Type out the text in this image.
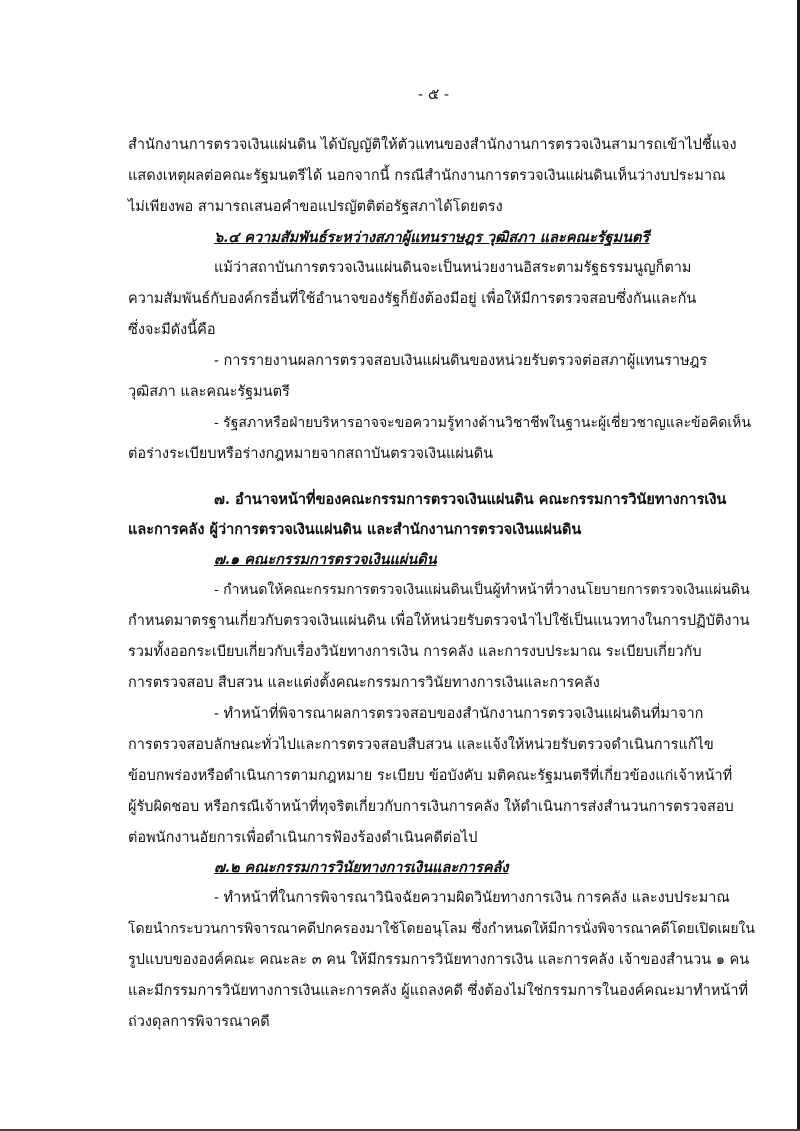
- ๕ -
สำนักงานการตรวจเงินแผ่นดิน ได้บัญญัติให้ตัวแทนของสำนักงานการตรวจเงินสามารถเข้าไปชี้แจง
แสดงเหตุผลต่อคณะรัฐมนตรีได้ นอกจากนี้ กรณีสำนักงานการตรวจเงินแผ่นดินเห็นว่างบประมาณ
ไม่เพียงพอ สามารถเสนอคำขอแปรญัตติต่อรัฐสภาได้โดยตรง
๖.๔ ความสัมพันธ์ระหว่างสภาผู้แทนราษฎร วุฒิสภา และคณะรัฐมนตรี
แม้ว่าสถาบันการตรวจเงินแผ่นดินจะเป็นหน่วยงานอิสระตามรัฐธรรมนูญก็ตาม
ความสัมพันธ์กับองค์กรอื่นที่ใช้อำนาจของรัฐก็ยังต้องมีอยู่ เพื่อให้มีการตรวจสอบซึ่งกันและกัน
ซึ่งจะมีดังนี้คือ
- การรายงานผลการตรวจสอบเงินแผ่นดินของหน่วยรับตรวจต่อสภาผู้แทนราษฎร
วุฒิสภา และคณะรัฐมนตรี
- รัฐสภาหรือฝ่ายบริหารอาจจะขอความรู้ทางด้านวิชาชีพในฐานะผู้เชี่ยวชาญและข้อคิดเห็น
ต่อร่างระเบียบหรือร่างกฎหมายจากสถาบันตรวจเงินแผ่นดิน
๗. อำนาจหน้าที่ของคณะกรรมการตรวจเงินแผ่นดิน คณะกรรมการวินัยทางการเงิน
และการคลัง ผู้ว่าการตรวจเงินแผ่นดิน และสำนักงานการตรวจเงินแผ่นดิน
๗.๑ คณะกรรมการตรวจเงินแผ่นดิน
- กำหนดให้คณะกรรมการตรวจเงินแผ่นดินเป็นผู้ทำหน้าที่วางนโยบายการตรวจเงินแผ่นดิน
กำหนดมาตรฐานเกี่ยวกับตรวจเงินแผ่นดิน เพื่อให้หน่วยรับตรวจนำไปใช้เป็นแนวทางในการปฏิบัติงาน
รวมทั้งออกระเบียบเกี่ยวกับเรื่องวินัยทางการเงิน การคลัง และการงบประมาณ ระเบียบเกี่ยวกับ
การตรวจสอบ สืบสวน และแต่งตั้งคณะกรรมการวินัยทางการเงินและการคลัง
- ทำหน้าที่พิจารณาผลการตรวจสอบของสำนักงานการตรวจเงินแผ่นดินที่มาจาก
การตรวจสอบลักษณะทั่วไปและการตรวจสอบสืบสวน และแจ้งให้หน่วยรับตรวจดำเนินการแก้ไข
ข้อบกพร่องหรือดำเนินการตามกฎหมาย ระเบียบ ข้อบังคับ มติคณะรัฐมนตรีที่เกี่ยวข้องแก่เจ้าหน้าที่
ผู้รับผิดชอบ หรือกรณีเจ้าหน้าที่ทุจริตเกี่ยวกับการเงินการคลัง ให้ดำเนินการส่งสำนวนการตรวจสอบ
ต่อพนักงานอัยการเพื่อดำเนินการฟ้องร้องดำเนินคดีต่อไป
๗.๒ คณะกรรมการวินัยทางการเงินและการคลัง
- ทำหน้าที่ในการพิจารณาวินิจฉัยความผิดวินัยทางการเงิน การคลัง และงบประมาณ
โดยนำกระบวนการพิจารณาคดีปกครองมาใช้โดยอนุโลม ซึ่งกำหนดให้มีการนั่งพิจารณาคดีโดยเปิดเผยใน
รูปแบบขององค์คณะ คณะละ ๓ คน ให้มีกรรมการวินัยทางการเงิน และการคลัง เจ้าของสำนวน ๑ คน
และมีกรรมการวินัยทางการเงินและการคลัง ผู้แถลงคดี ซึ่งต้องไม่ใช่กรรมการในองค์คณะมาทำหน้าที่
ถ่วงดุลการพิจารณาคดี
